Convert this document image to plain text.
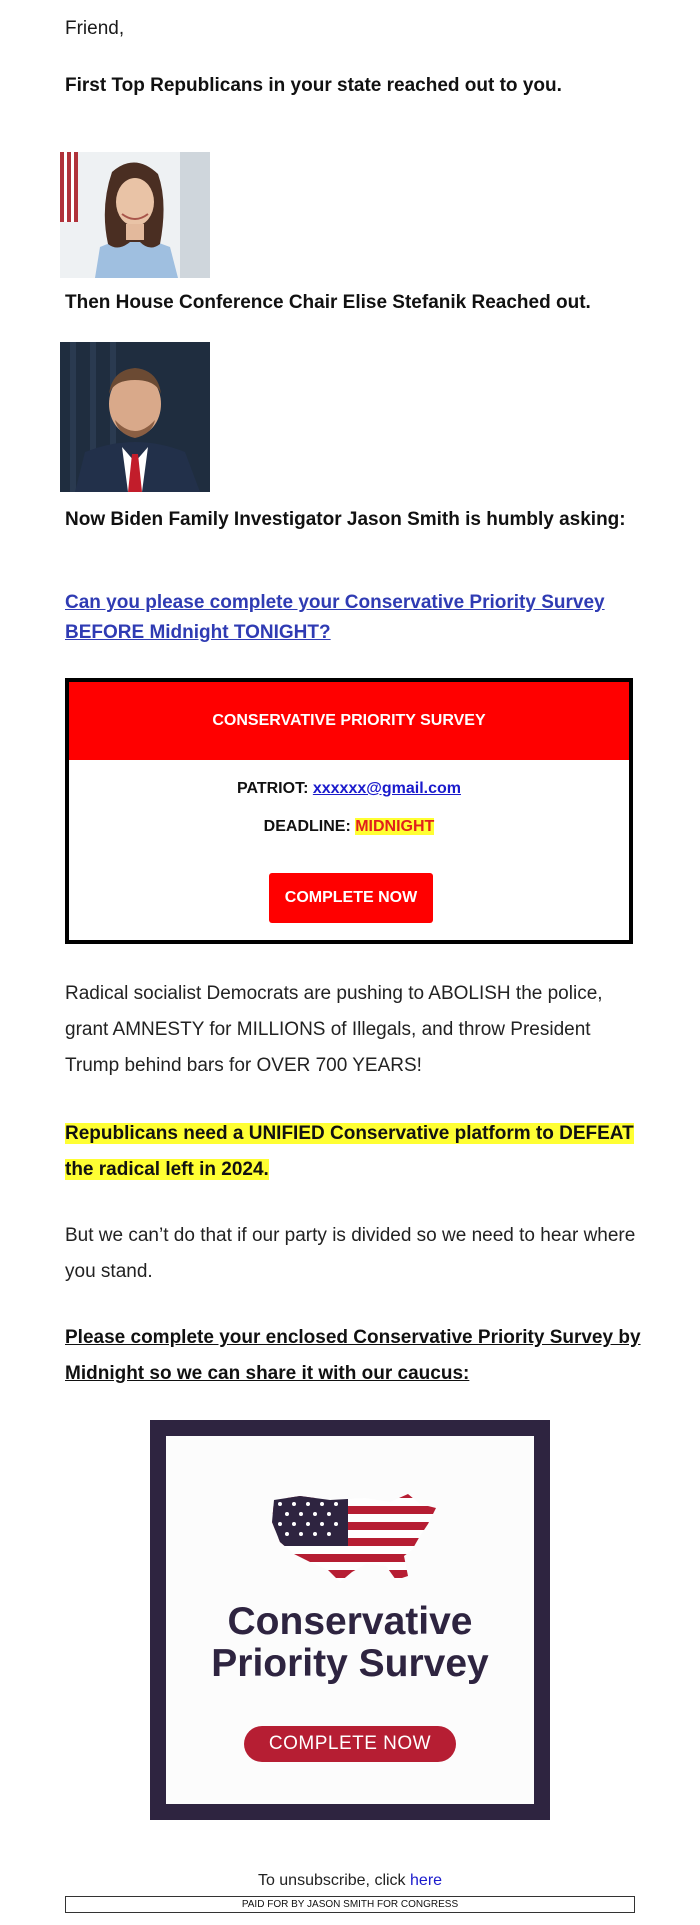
Friend,
First Top Republicans in your state reached out to you.
Then House Conference Chair Elise Stefanik Reached out.
Now Biden Family Investigator Jason Smith is humbly asking:
Can you please complete your Conservative Priority Survey BEFORE Midnight TONIGHT?
CONSERVATIVE PRIORITY SURVEY
PATRIOT: xxxxxx@gmail.com
DEADLINE: MIDNIGHT
COMPLETE NOW
Radical socialist Democrats are pushing to ABOLISH the police, grant AMNESTY for MILLIONS of Illegals, and throw President Trump behind bars for OVER 700 YEARS!
Republicans need a UNIFIED Conservative platform to DEFEAT the radical left in 2024.
But we can’t do that if our party is divided so we need to hear where you stand.
Please complete your enclosed Conservative Priority Survey by Midnight so we can share it with our caucus:
Conservative
Priority Survey
COMPLETE NOW
To unsubscribe, click here
PAID FOR BY JASON SMITH FOR CONGRESS
